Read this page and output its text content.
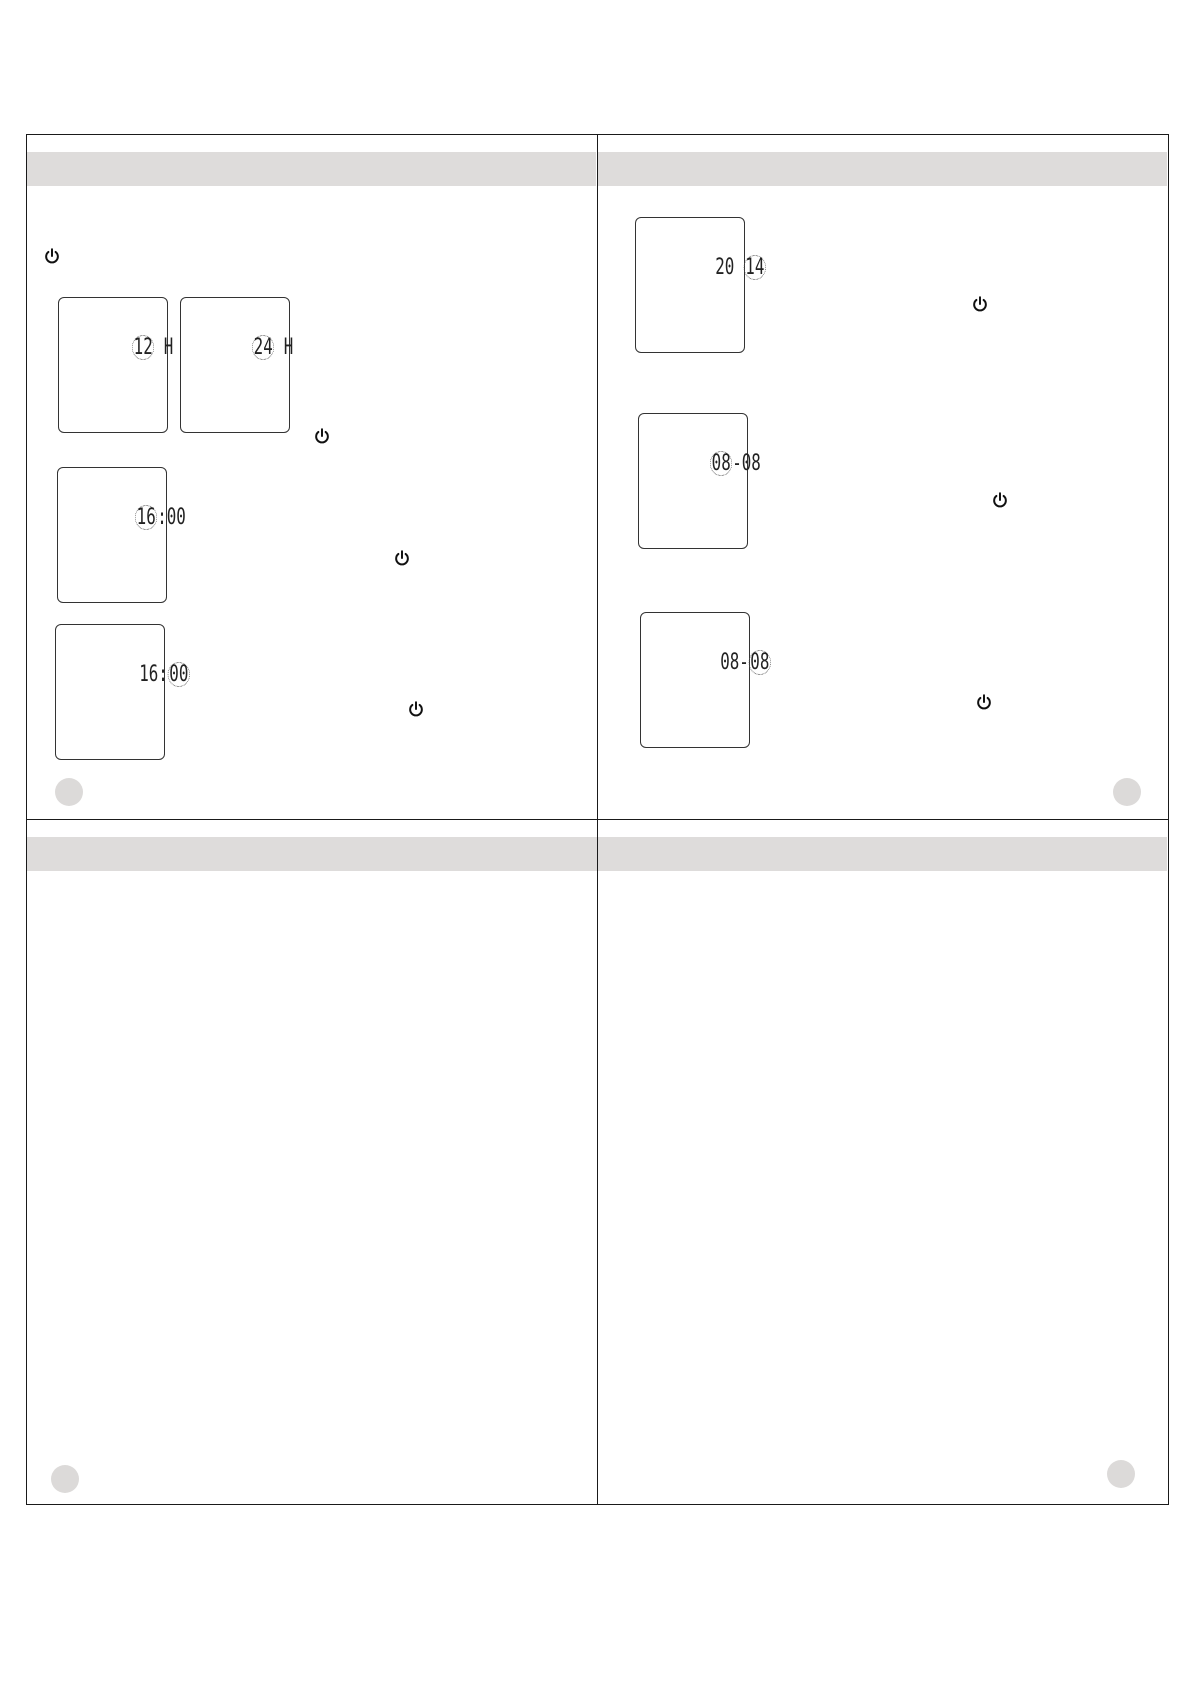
12 H
	24 H

16:00

16:00

20 14

08-08

08-08
